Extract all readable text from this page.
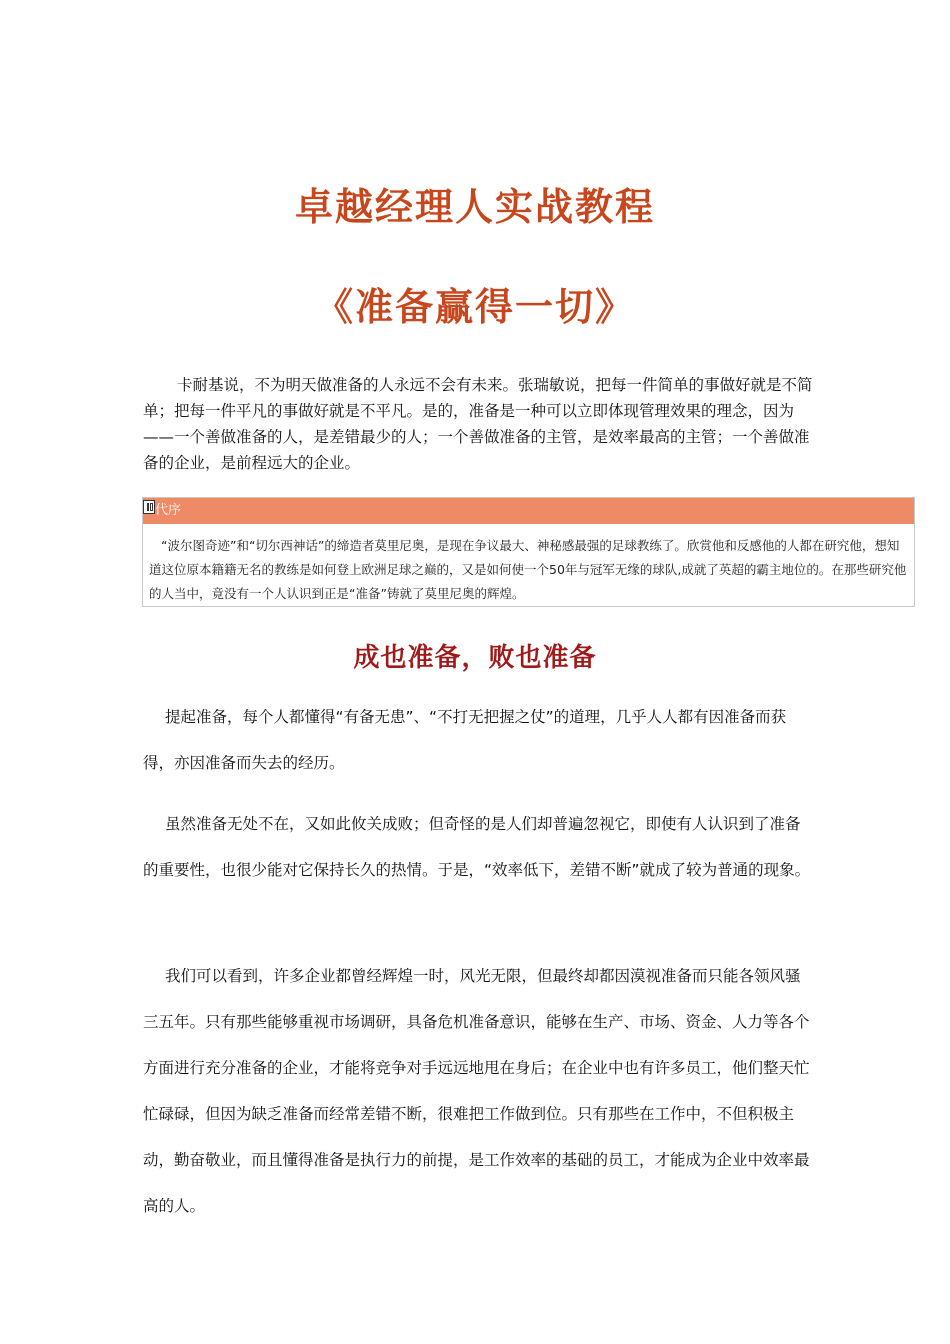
卓越经理人实战教程
《准备赢得一切》

卡耐基说，不为明天做准备的人永远不会有未来。张瑞敏说，把每一件简单的事做好就是不简单；把每一件平凡的事做好就是不平凡。是的，准备是一种可以立即体现管理效果的理念，因为——一个善做准备的人，是差错最少的人；一个善做准备的主管，是效率最高的主管；一个善做准备的企业，是前程远大的企业。

代序

“波尔图奇迹”和“切尔西神话”的缔造者莫里尼奥，是现在争议最大、神秘感最强的足球教练了。欣赏他和反感他的人都在研究他，想知道这位原本籍籍无名的教练是如何登上欧洲足球之巅的，又是如何使一个50年与冠军无缘的球队,成就了英超的霸主地位的。在那些研究他的人当中，竟没有一个人认识到正是“准备”铸就了莫里尼奥的辉煌。

成也准备，败也准备

提起准备，每个人都懂得“有备无患”、“不打无把握之仗”的道理，几乎人人都有因准备而获得，亦因准备而失去的经历。

虽然准备无处不在，又如此攸关成败；但奇怪的是人们却普遍忽视它，即使有人认识到了准备的重要性，也很少能对它保持长久的热情。于是，“效率低下，差错不断”就成了较为普通的现象。

我们可以看到，许多企业都曾经辉煌一时，风光无限，但最终却都因漠视准备而只能各领风骚三五年。只有那些能够重视市场调研，具备危机准备意识，能够在生产、市场、资金、人力等各个方面进行充分准备的企业，才能将竞争对手远远地甩在身后；在企业中也有许多员工，他们整天忙忙碌碌，但因为缺乏准备而经常差错不断，很难把工作做到位。只有那些在工作中，不但积极主动，勤奋敬业，而且懂得准备是执行力的前提，是工作效率的基础的员工，才能成为企业中效率最高的人。
